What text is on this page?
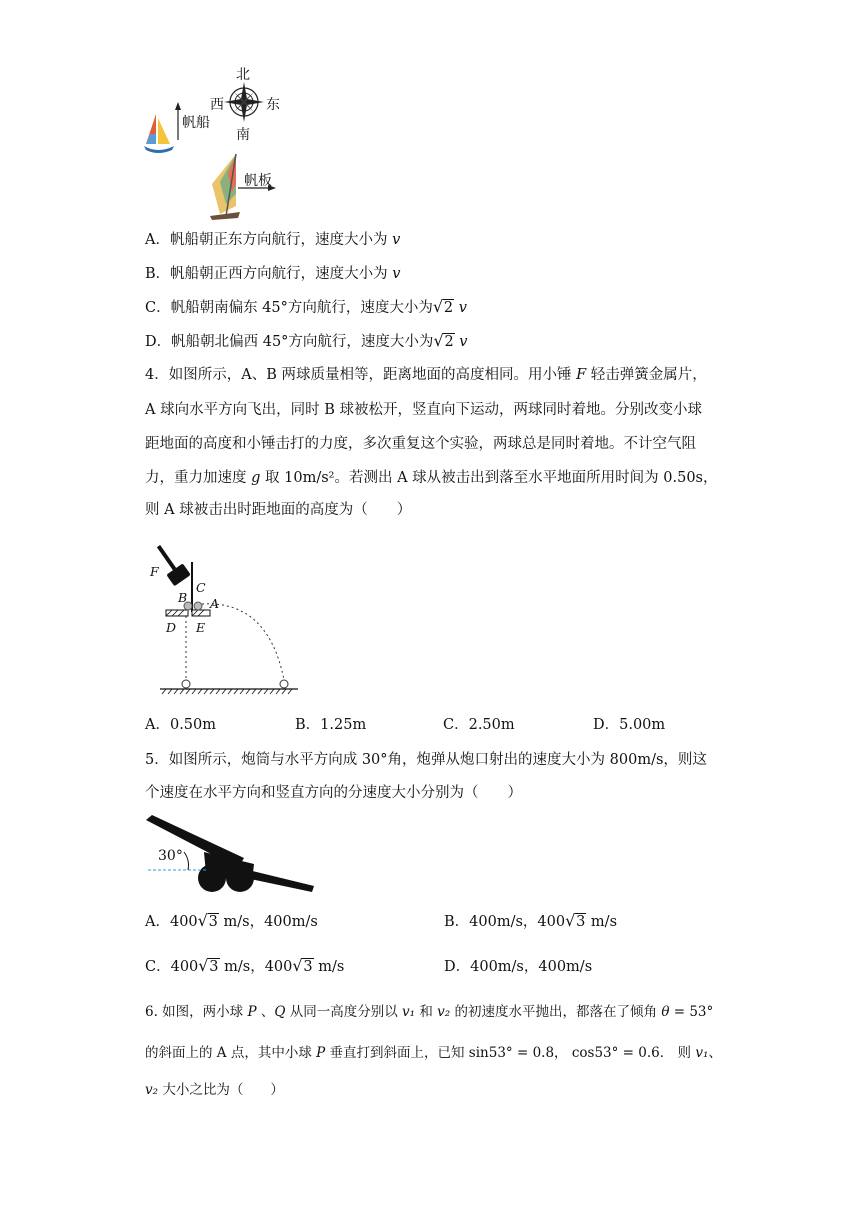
北
西	东
南
帆船
帆板
A．帆船朝正东方向航行，速度大小为 v
B．帆船朝正西方向航行，速度大小为 v
C．帆船朝南偏东 45°方向航行，速度大小为 √ 2 v
D．帆船朝北偏西 45°方向航行，速度大小为 √ 2 v
4．如图所示，A、B 两球质量相等，距离地面的高度相同。用小锤 F 轻击弹簧金属片，
A 球向水平方向飞出，同时 B 球被松开，竖直向下运动，两球同时着地。分别改变小球
距地面的高度和小锤击打的力度，多次重复这个实验，两球总是同时着地。不计空气阻
力，重力加速度 g 取 10m/s²。若测出 A 球从被击出到落至水平地面所用时间为 0.50s，
则 A 球被击出时距地面的高度为（　　）
F
C
B A
D E
A．0.50m	B．1.25m	C．2.50m	D．5.00m
5．如图所示，炮筒与水平方向成 30°角，炮弹从炮口射出的速度大小为 800m/s，则这
个速度在水平方向和竖直方向的分速度大小分别为（　　）
30°
A．400 √ 3 m/s，400m/s	B．400m/s，400 √ 3 m/s
C．400 √ 3 m/s，400 √ 3 m/s	D．400m/s，400m/s
6. 如图，两小球 P 、Q 从同一高度分别以 v₁ 和 v₂ 的初速度水平抛出，都落在了倾角 θ = 53°
的斜面上的 A 点，其中小球 P 垂直打到斜面上，已知 sin53° = 0.8， cos53° = 0.6． 则 v₁、
v₂ 大小之比为（　　）
